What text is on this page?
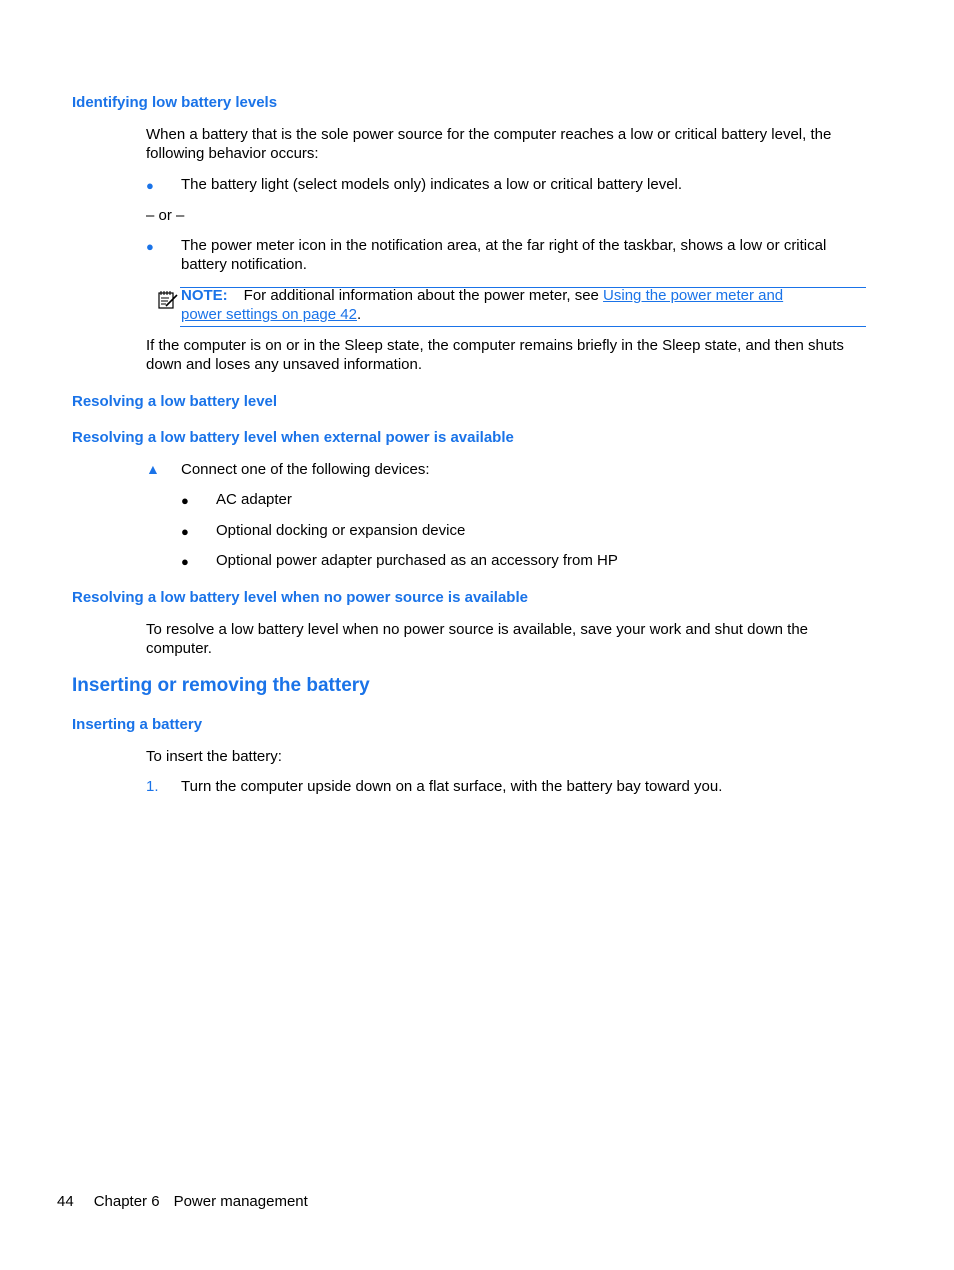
Identifying low battery levels
When a battery that is the sole power source for the computer reaches a low or critical battery level, the following behavior occurs:
● The battery light (select models only) indicates a low or critical battery level.
– or –
● The power meter icon in the notification area, at the far right of the taskbar, shows a low or critical battery notification.
NOTE: For additional information about the power meter, see Using the power meter and
power settings on page 42.
If the computer is on or in the Sleep state, the computer remains briefly in the Sleep state, and then shuts down and loses any unsaved information.
Resolving a low battery level
Resolving a low battery level when external power is available
▲ Connect one of the following devices:
● AC adapter
● Optional docking or expansion device
● Optional power adapter purchased as an accessory from HP
Resolving a low battery level when no power source is available
To resolve a low battery level when no power source is available, save your work and shut down the computer.
Inserting or removing the battery
Inserting a battery
To insert the battery:
1. Turn the computer upside down on a flat surface, with the battery bay toward you.
44 Chapter 6 Power management
